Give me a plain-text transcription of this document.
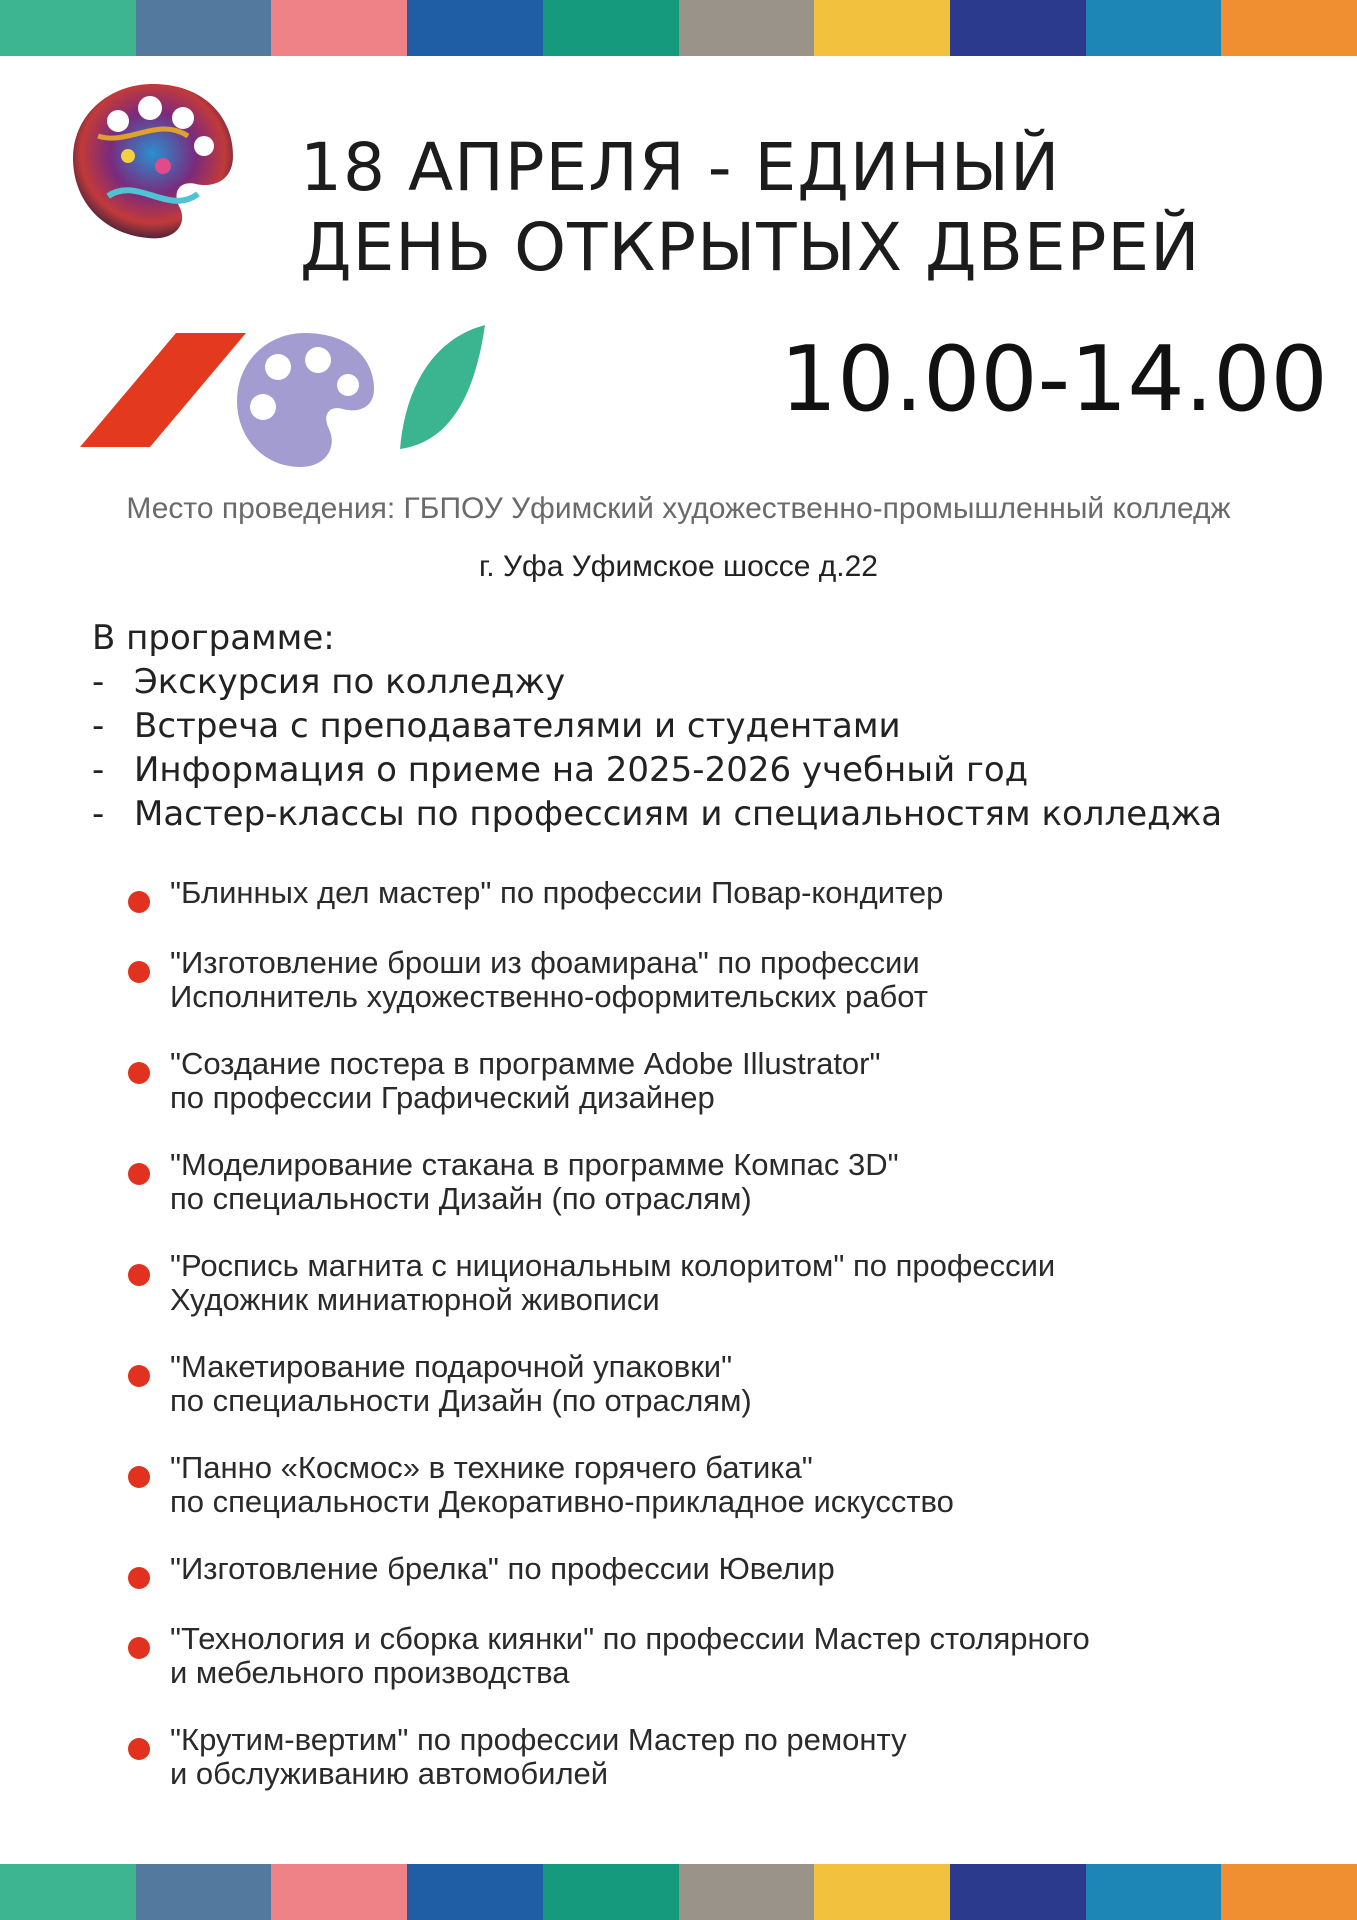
18 АПРЕЛЯ - ЕДИНЫЙ
ДЕНЬ ОТКРЫТЫХ ДВЕРЕЙ
10.00-14.00
Место проведения: ГБПОУ Уфимский художественно-промышленный колледж
г. Уфа Уфимское шоссе д.22
В программе:
- Экскурсия по колледжу
- Встреча с преподавателями и студентами
- Информация о приеме на 2025-2026 учебный год
- Мастер-классы по профессиям и специальностям колледжа
"Блинных дел мастер" по профессии Повар-кондитер
"Изготовление броши из фоамирана" по профессии
Исполнитель художественно-оформительских работ
"Создание постера в программе Adobe Illustrator"
по профессии Графический дизайнер
"Моделирование стакана в программе Компас 3D"
по специальности Дизайн (по отраслям)
"Роспись магнита с ниционaльным колоритом" по профессии
Художник миниатюрной живописи
"Макетирование подарочной упаковки"
по специальности Дизайн (по отраслям)
"Панно «Космос» в технике горячего батика"
по специальности Декоративно-прикладное искусство
"Изготовление брелка" по профессии Ювелир
"Технология и сборка киянки" по профессии Мастер столярного
и мебельного производства
"Крутим-вертим" по профессии Мастер по ремонту
и обслуживанию автомобилей
